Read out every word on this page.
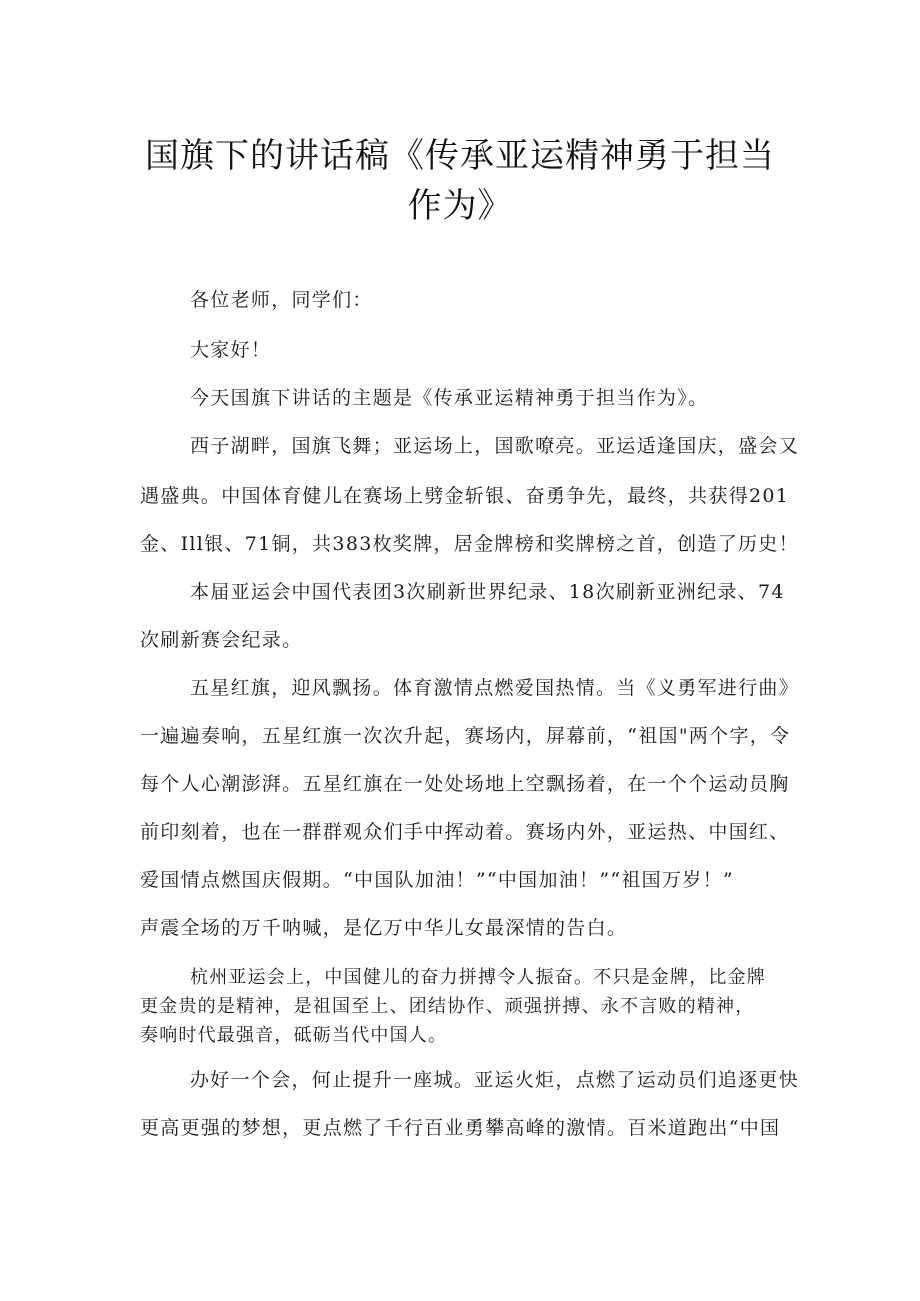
国旗下的讲话稿《传承亚运精神勇于担当
作为》

各位老师，同学们：

大家好！

今天国旗下讲话的主题是《传承亚运精神勇于担当作为》。

西子湖畔，国旗飞舞；亚运场上，国歌嘹亮。亚运适逢国庆，盛会又

遇盛典。中国体育健儿在赛场上劈金斩银、奋勇争先，最终，共获得201

金、Ill银、71铜，共383枚奖牌，居金牌榜和奖牌榜之首，创造了历史！

本届亚运会中国代表团3次刷新世界纪录、18次刷新亚洲纪录、74

次刷新赛会纪录。

五星红旗，迎风飘扬。体育激情点燃爱国热情。当《义勇军进行曲》

一遍遍奏响，五星红旗一次次升起，赛场内，屏幕前，“祖国"两个字，令

每个人心潮澎湃。五星红旗在一处处场地上空飘扬着，在一个个运动员胸

前印刻着，也在一群群观众们手中挥动着。赛场内外，亚运热、中国红、

爱国情点燃国庆假期。“中国队加油！”“中国加油！”“祖国万岁！”

声震全场的万千呐喊，是亿万中华儿女最深情的告白。

杭州亚运会上，中国健儿的奋力拼搏令人振奋。不只是金牌，比金牌

更金贵的是精神，是祖国至上、团结协作、顽强拼搏、永不言败的精神，

奏响时代最强音，砥砺当代中国人。

办好一个会，何止提升一座城。亚运火炬，点燃了运动员们追逐更快

更高更强的梦想，更点燃了千行百业勇攀高峰的激情。百米道跑出“中国
